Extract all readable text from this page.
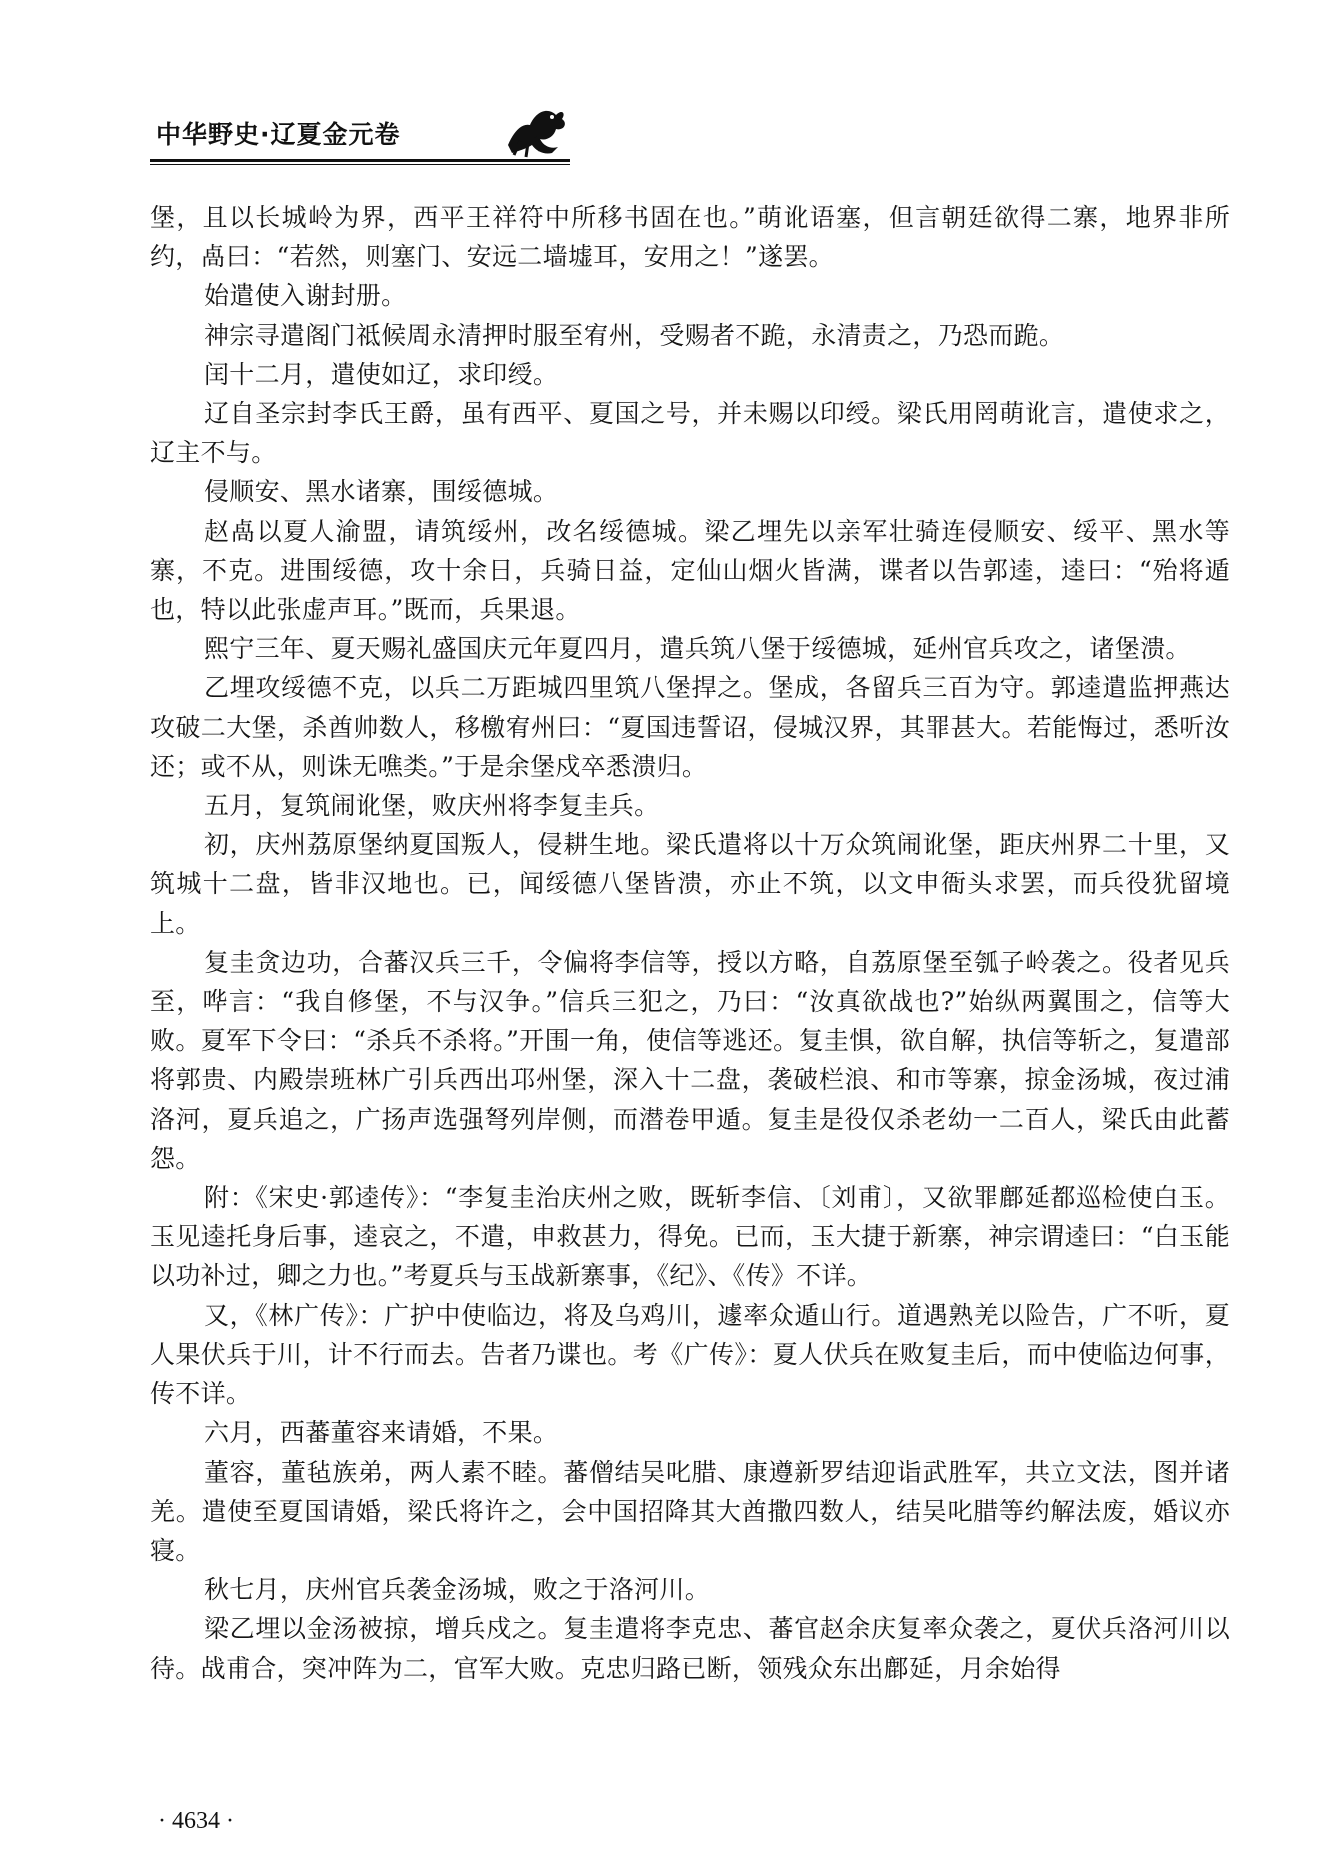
中华野史·辽夏金元卷

堡，且以长城岭为界，西平王祥符中所移书固在也。”萌讹语塞，但言朝廷欲得二寨，地界非所约，卨曰：“若然，则塞门、安远二墙墟耳，安用之！”遂罢。

始遣使入谢封册。

神宗寻遣阁门祗候周永清押时服至宥州，受赐者不跪，永清责之，乃恐而跪。

闰十二月，遣使如辽，求印绶。

辽自圣宗封李氏王爵，虽有西平、夏国之号，并未赐以印绶。梁氏用罔萌讹言，遣使求之，辽主不与。

侵顺安、黑水诸寨，围绥德城。

赵卨以夏人渝盟，请筑绥州，改名绥德城。梁乙埋先以亲军壮骑连侵顺安、绥平、黑水等寨，不克。进围绥德，攻十余日，兵骑日益，定仙山烟火皆满，谍者以告郭逵，逵曰：“殆将遁也，特以此张虚声耳。”既而，兵果退。

熙宁三年、夏天赐礼盛国庆元年夏四月，遣兵筑八堡于绥德城，延州官兵攻之，诸堡溃。

乙埋攻绥德不克，以兵二万距城四里筑八堡捍之。堡成，各留兵三百为守。郭逵遣监押燕达攻破二大堡，杀酋帅数人，移檄宥州曰：“夏国违誓诏，侵城汉界，其罪甚大。若能悔过，悉听汝还；或不从，则诛无噍类。”于是余堡戍卒悉溃归。

五月，复筑闹讹堡，败庆州将李复圭兵。

初，庆州荔原堡纳夏国叛人，侵耕生地。梁氏遣将以十万众筑闹讹堡，距庆州界二十里，又筑城十二盘，皆非汉地也。已，闻绥德八堡皆溃，亦止不筑，以文申衙头求罢，而兵役犹留境上。

复圭贪边功，合蕃汉兵三千，令偏将李信等，授以方略，自荔原堡至瓠子岭袭之。役者见兵至，哗言：“我自修堡，不与汉争。”信兵三犯之，乃曰：“汝真欲战也?”始纵两翼围之，信等大败。夏军下令曰：“杀兵不杀将。”开围一角，使信等逃还。复圭惧，欲自解，执信等斩之，复遣部将郭贵、内殿崇班林广引兵西出邛州堡，深入十二盘，袭破栏浪、和市等寨，掠金汤城，夜过浦洛河，夏兵追之，广扬声选强弩列岸侧，而潜卷甲遁。复圭是役仅杀老幼一二百人，梁氏由此蓄怨。

附：《宋史·郭逵传》：“李复圭治庆州之败，既斩李信、〔刘甫〕，又欲罪鄜延都巡检使白玉。玉见逵托身后事，逵哀之，不遣，申救甚力，得免。已而，玉大捷于新寨，神宗谓逵曰：“白玉能以功补过，卿之力也。”考夏兵与玉战新寨事，《纪》、《传》不详。

又，《林广传》：广护中使临边，将及乌鸡川，遽率众遁山行。道遇熟羌以险告，广不听，夏人果伏兵于川，计不行而去。告者乃谍也。考《广传》：夏人伏兵在败复圭后，而中使临边何事，传不详。

六月，西蕃董容来请婚，不果。

董容，董毡族弟，两人素不睦。蕃僧结吴叱腊、康遵新罗结迎诣武胜军，共立文法，图并诸羌。遣使至夏国请婚，梁氏将许之，会中国招降其大酋撒四数人，结吴叱腊等约解法废，婚议亦寝。

秋七月，庆州官兵袭金汤城，败之于洛河川。

梁乙埋以金汤被掠，增兵戍之。复圭遣将李克忠、蕃官赵余庆复率众袭之，夏伏兵洛河川以待。战甫合，突冲阵为二，官军大败。克忠归路已断，领残众东出鄜延，月余始得

· 4634 ·
